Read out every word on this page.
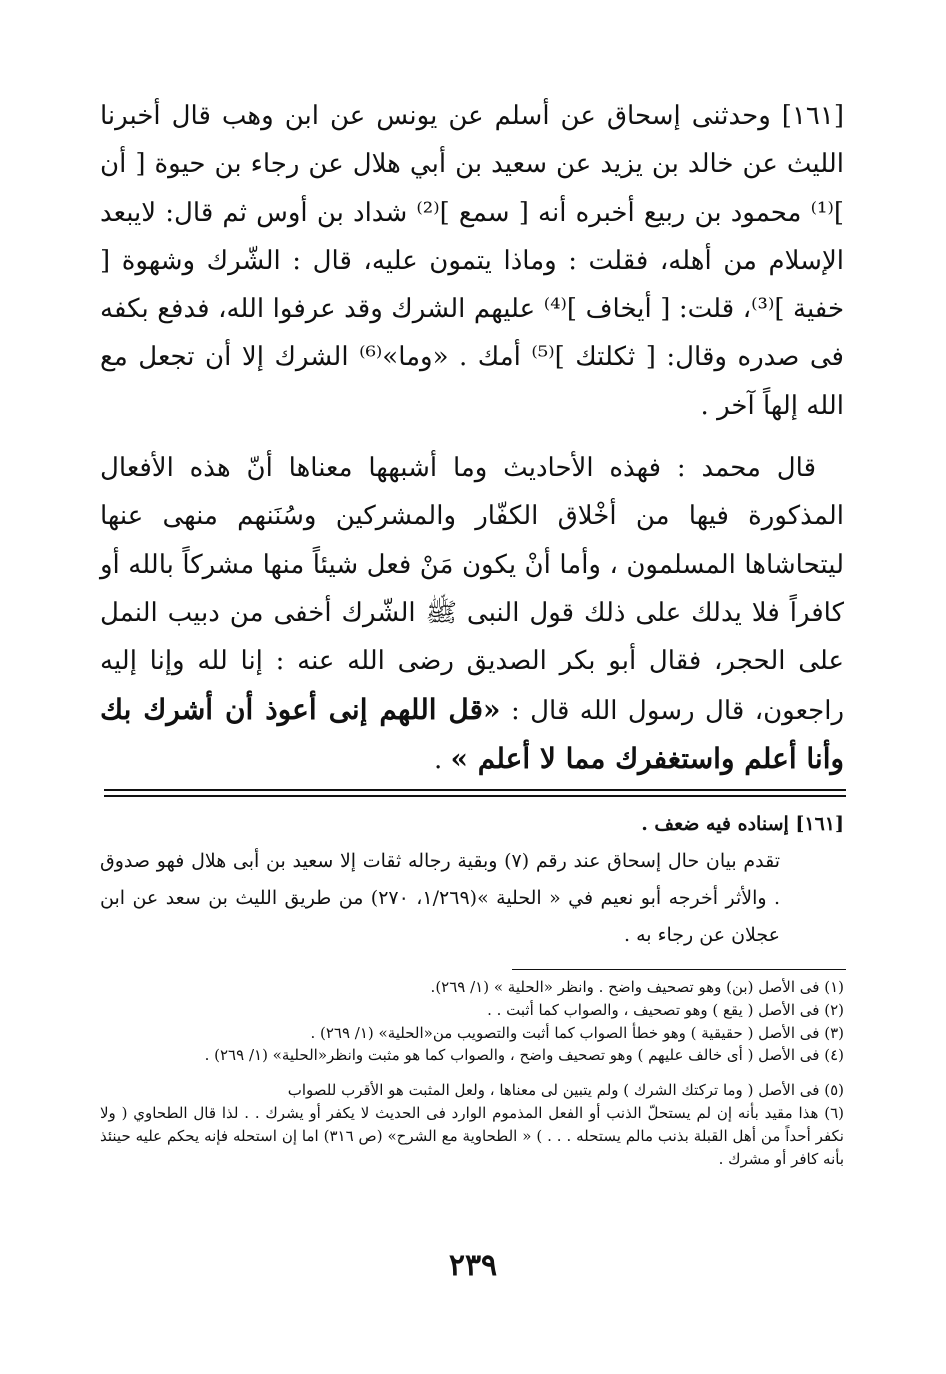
[١٦١] وحدثنى إسحاق عن أسلم عن يونس عن ابن وهب قال أخبرنا الليث عن خالد بن يزيد عن سعيد بن أبي هلال عن رجاء بن حيوة [ أن ]⁽¹⁾ محمود بن ربيع أخبره أنه [ سمع ]⁽²⁾ شداد بن أوس ثم قال: لايبعد الإسلام من أهله، فقلت : وماذا يتمون عليه، قال : الشّرك وشهوة [ خفية ]⁽³⁾، قلت: [ أيخاف ]⁽⁴⁾ عليهم الشرك وقد عرفوا الله، فدفع بكفه فى صدره وقال: [ ثكلتك ]⁽⁵⁾ أمك . «وما»⁽⁶⁾ الشرك إلا أن تجعل مع الله إلهاً آخر .

قال محمد : فهذه الأحاديث وما أشبهها معناها أنّ هذه الأفعال المذكورة فيها من أخْلاق الكفّار والمشركين وسُنَنهم منهى عنها ليتحاشاها المسلمون ، وأما أنْ يكون مَنْ فعل شيئاً منها مشركاً بالله أو كافراً فلا يدلك على ذلك قول النبى ﷺ الشّرك أخفى من دبيب النمل على الحجر، فقال أبو بكر الصديق رضى الله عنه : إنا لله وإنا إليه راجعون، قال رسول الله قال : «قل اللهم إنى أعوذ أن أشرك بك وأنا أعلم واستغفرك مما لا أعلم » .

[١٦١] إسناده فيه ضعف .
تقدم بيان حال إسحاق عند رقم (٧) وبقية رجاله ثقات إلا سعيد بن أبى هلال فهو صدوق . والأثر أخرجه أبو نعيم في « الحلية »(١/٢٦٩، ٢٧٠) من طريق الليث بن سعد عن ابن عجلان عن رجاء به .

(١) فى الأصل (بن) وهو تصحيف واضح . وانظر «الحلية » (١/ ٢٦٩).

(٢) فى الأصل ( يقع ) وهو تصحيف ، والصواب كما أثبت . .

(٣) فى الأصل ( حقيقية ) وهو خطأ الصواب كما أثبت والتصويب من«الحلية» (١/ ٢٦٩) .

(٤) فى الأصل ( أى خالف عليهم ) وهو تصحيف واضح ، والصواب كما هو مثبت وانظر«الحلية» (١/ ٢٦٩) .

(٥) فى الأصل ( وما تركتك الشرك ) ولم يتبين لى معناها ، ولعل المثبت هو الأقرب للصواب

(٦) هذا مقيد بأنه إن لم يستحلّ الذنب أو الفعل المذموم الوارد فى الحديث لا يكفر أو يشرك . . لذا قال الطحاوي ( ولا نكفر أحداً من أهل القبلة بذنب مالم يستحله . . . ) « الطحاوية مع الشرح» (ص ٣١٦) اما إن استحله فإنه يحكم عليه حينئذ بأنه كافر أو مشرك .

٢٣٩
